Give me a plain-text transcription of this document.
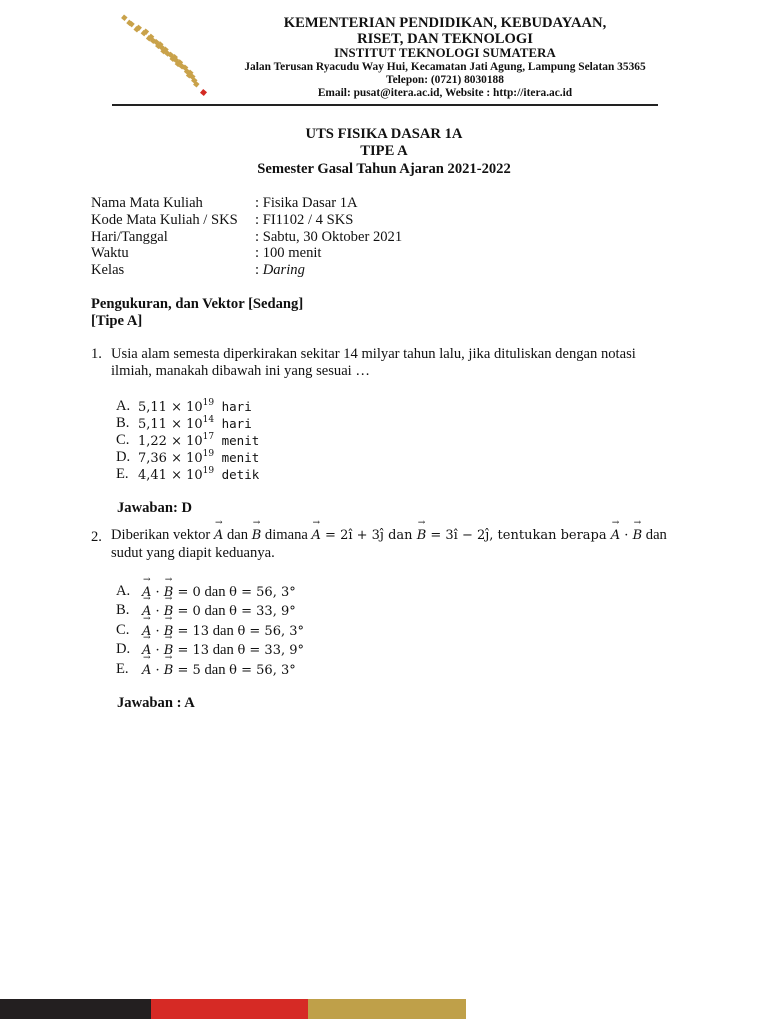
KEMENTERIAN PENDIDIKAN, KEBUDAYAAN,
RISET, DAN TEKNOLOGI
INSTITUT TEKNOLOGI SUMATERA
Jalan Terusan Ryacudu Way Hui, Kecamatan Jati Agung, Lampung Selatan 35365
Telepon: (0721) 8030188
Email: pusat@itera.ac.id, Website : http://itera.ac.id
UTS FISIKA DASAR 1A
TIPE A
Semester Gasal Tahun Ajaran 2021-2022
Nama Mata Kuliah	: Fisika Dasar 1A
Kode Mata Kuliah / SKS : FI1102 / 4 SKS
Hari/Tanggal	: Sabtu, 30 Oktober 2021
Waktu	: 100 menit
Kelas	: Daring
Pengukuran, dan Vektor [Sedang]
[Tipe A]
1. Usia alam semesta diperkirakan sekitar 14 milyar tahun lalu, jika dituliskan dengan notasi
ilmiah, manakah dibawah ini yang sesuai …
A. $5,11 \times 10^{19}$ hari
B. $5,11 \times 10^{14}$ hari
C. $1,22 \times 10^{17}$ menit
D. $7,36 \times 10^{19}$ menit
E. $4,41 \times 10^{19}$ detik
Jawaban: D
2. Diberikan vektor → A dan → B dimana → A = 2î + 3ĵ dan → B = 3î − 2ĵ, tentukan berapa → A · → B dan
sudut yang diapit keduanya.
A. → A · → B = 0 dan θ = 56, 3°
B. → A · → B = 0 dan θ = 33, 9°
C. → A · → B = 13 dan θ = 56, 3°
D. → A · → B = 13 dan θ = 33, 9°
E. → A · → B = 5 dan θ = 56, 3°
Jawaban : A
